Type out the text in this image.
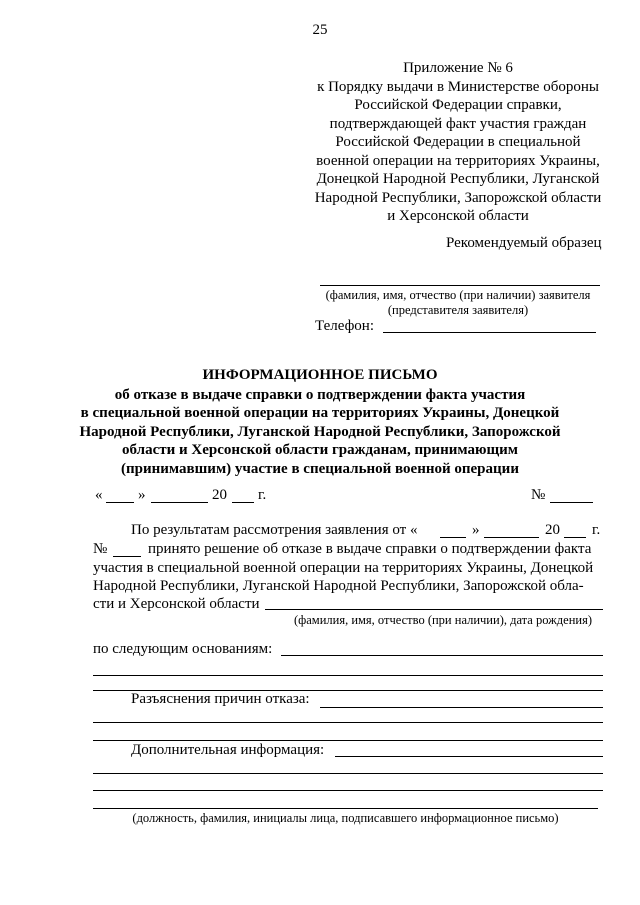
25
Приложение № 6
к Порядку выдачи в Министерстве обороны
Российской Федерации справки,
подтверждающей факт участия граждан
Российской Федерации в специальной
военной операции на территориях Украины,
Донецкой Народной Республики, Луганской
Народной Республики, Запорожской области
и Херсонской области
Рекомендуемый образец
(фамилия, имя, отчество (при наличии) заявителя
(представителя заявителя)
Телефон:
ИНФОРМАЦИОННОЕ ПИСЬМО
об отказе в выдаче справки о подтверждении факта участия
в специальной военной операции на территориях Украины, Донецкой
Народной Республики, Луганской Народной Республики, Запорожской
области и Херсонской области гражданам, принимающим
(принимавшим) участие в специальной военной операции
« »	20 г.	№
По результатам рассмотрения заявления от «	»	20 г.
№	принято решение об отказе в выдаче справки о подтверждении факта
участия в специальной военной операции на территориях Украины, Донецкой
Народной Республики, Луганской Народной Республики, Запорожской обла-
сти и Херсонской области
(фамилия, имя, отчество (при наличии), дата рождения)
по следующим основаниям:
Разъяснения причин отказа:
Дополнительная информация:
(должность, фамилия, инициалы лица, подписавшего информационное письмо)
